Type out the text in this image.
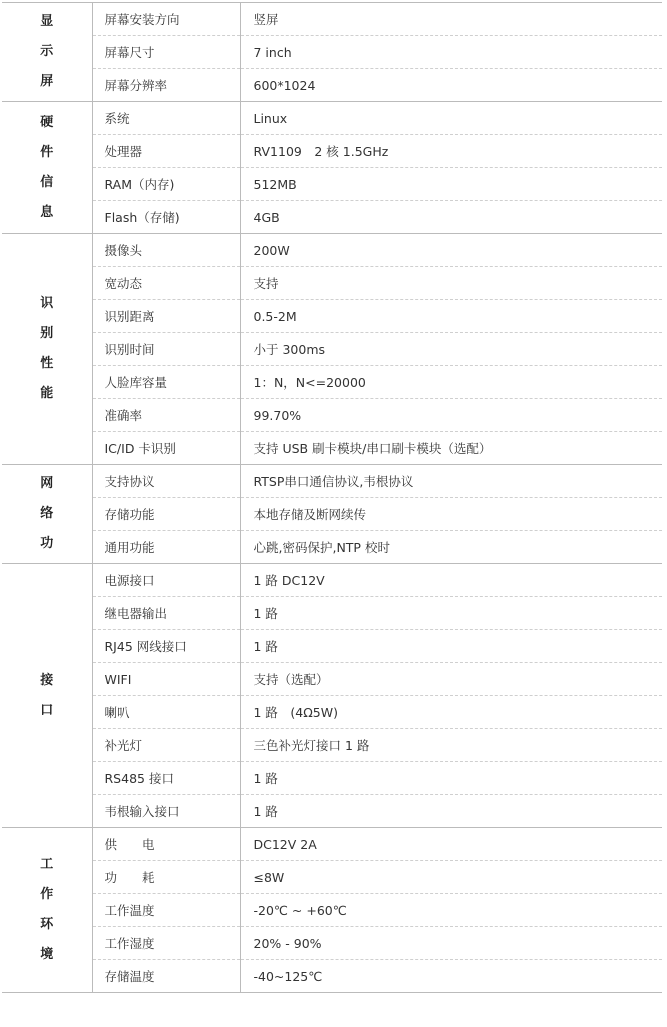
显示屏	屏幕安装方向	竖屏
	屏幕尺寸	7 inch
	屏幕分辨率	600*1024
硬件信息	系统	Linux
	处理器	RV1109　2 核 1.5GHz
	RAM（内存)	512MB
	Flash（存储)	4GB
识别性能	摄像头	200W
	宽动态	支持
	识别距离	0.5-2M
	识别时间	小于 300ms
	人脸库容量	1：N，N<=20000
	准确率	99.70%
	IC/ID 卡识别	支持 USB 刷卡模块/串口刷卡模块（选配）
网络功	支持协议	RTSP串口通信协议,韦根协议
	存储功能	本地存储及断网续传
	通用功能	心跳,密码保护,NTP 校时
接口	电源接口	1 路 DC12V
	继电器输出	1 路
	RJ45 网线接口	1 路
	WIFI	支持（选配）
	喇叭	1 路　(4Ω5W)
	补光灯	三色补光灯接口 1 路
	RS485 接口	1 路
	韦根输入接口	1 路
工作环境	供　　电	DC12V 2A
	功　　耗	≤8W
	工作温度	-20℃ ~ +60℃
	工作湿度	20% - 90%
	存储温度	-40~125℃
